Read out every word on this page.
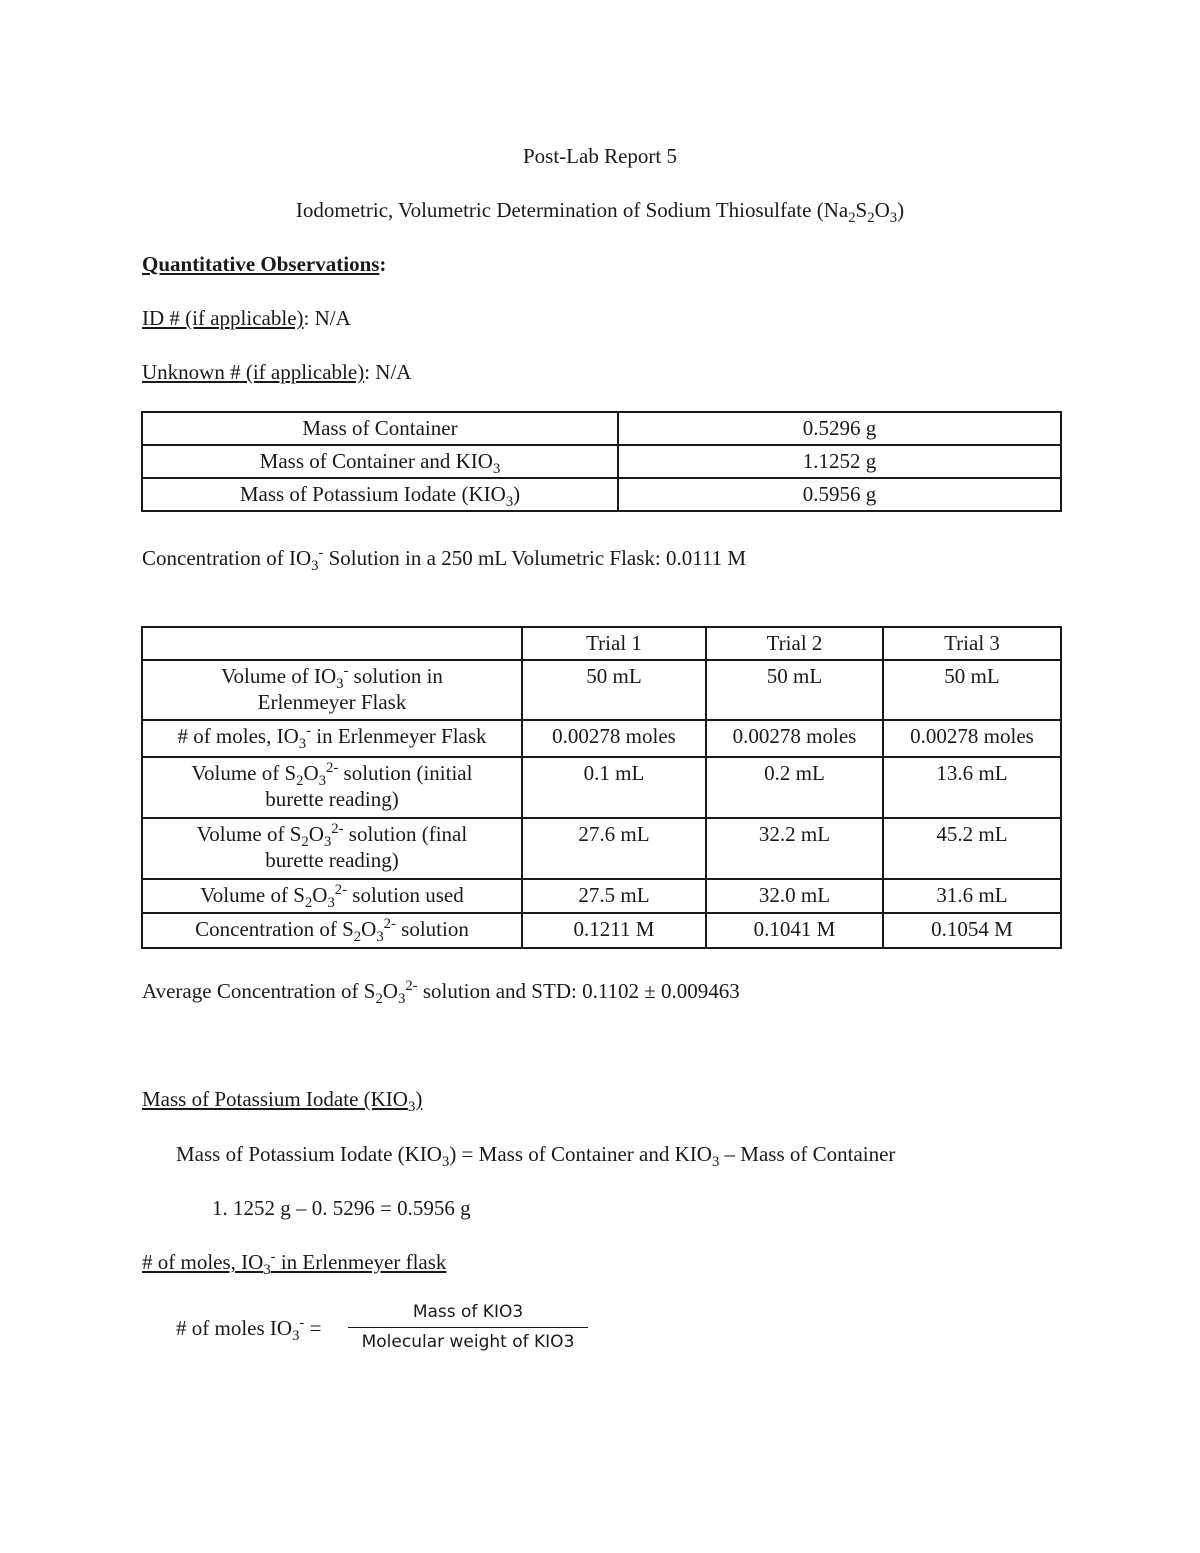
Post-Lab Report 5
Iodometric, Volumetric Determination of Sodium Thiosulfate $(Na_2S_2O_3)$
Quantitative Observations:
ID # (if applicable): N/A
Unknown # (if applicable): N/A
Mass of Container	0.5296 g
Mass of Container and $KIO_3$	1.1252 g
Mass of Potassium Iodate $(KIO_3)$	0.5956 g
Concentration of $IO_3^-$ Solution in a 250 mL Volumetric Flask: 0.0111 M
	Trial 1	Trial 2	Trial 3
Volume of $IO_3^-$ solution in
Erlenmeyer Flask	50 mL	50 mL	50 mL
# of moles, $IO_3^-$ in Erlenmeyer Flask	0.00278 moles	0.00278 moles	0.00278 moles
Volume of $S_2O_3^{2-}$ solution (initial
burette reading)	0.1 mL	0.2 mL	13.6 mL
Volume of $S_2O_3^{2-}$ solution (final
burette reading)	27.6 mL	32.2 mL	45.2 mL
Volume of $S_2O_3^{2-}$ solution used	27.5 mL	32.0 mL	31.6 mL
Concentration of $S_2O_3^{2-}$ solution	0.1211 M	0.1041 M	0.1054 M
Average Concentration of $S_2O_3^{2-}$ solution and STD: 0.1102 ± 0.009463
Mass of Potassium Iodate $(KIO_3)$
Mass of Potassium Iodate $(KIO_3)$ = Mass of Container and $KIO_3$ – Mass of Container
1. 1252 g – 0. 5296 = 0.5956 g
# of moles, $IO_3^-$ in Erlenmeyer flask
# of moles $IO_3^-$ =
Mass of KIO3
Molecular weight of KIO3
